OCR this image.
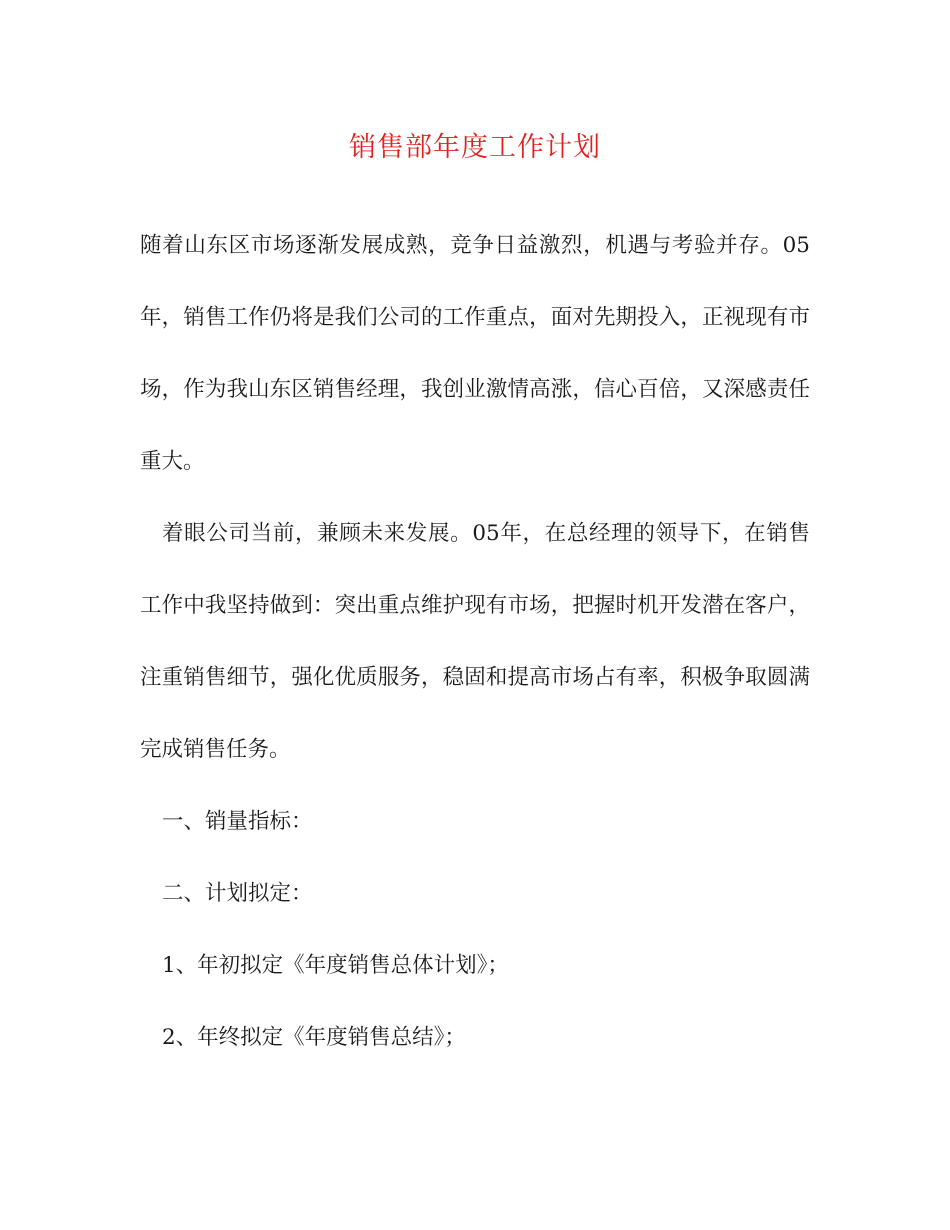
销售部年度工作计划

随着山东区市场逐渐发展成熟，竞争日益激烈，机遇与考验并存。05年，销售工作仍将是我们公司的工作重点，面对先期投入，正视现有市场，作为我山东区销售经理，我创业激情高涨，信心百倍，又深感责任重大。

着眼公司当前，兼顾未来发展。05年，在总经理的领导下，在销售工作中我坚持做到：突出重点维护现有市场，把握时机开发潜在客户，注重销售细节，强化优质服务，稳固和提高市场占有率，积极争取圆满完成销售任务。

一、销量指标：

二、计划拟定：

1、年初拟定《年度销售总体计划》；

2、年终拟定《年度销售总结》；
